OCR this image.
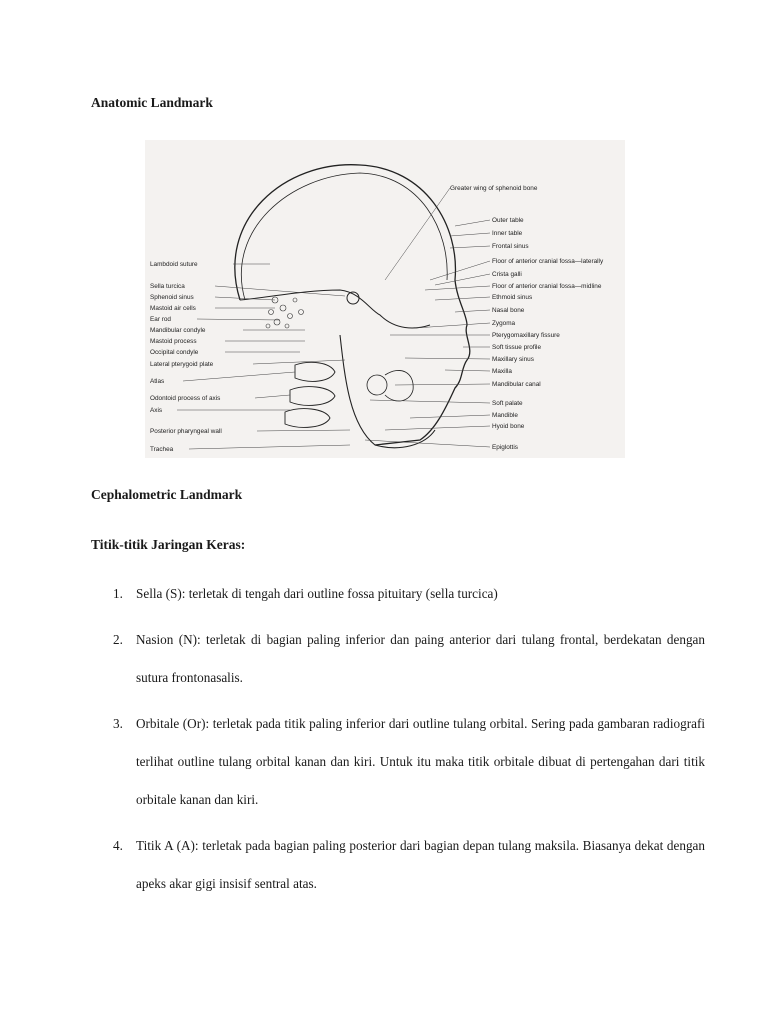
Anatomic Landmark
Lambdoid suture
Sella turcica
Sphenoid sinus
Mastoid air cells
Ear rod
Mandibular condyle
Mastoid process
Occipital condyle
Lateral pterygoid plate
Atlas
Odontoid process of axis
Axis
Posterior pharyngeal wall
Trachea
Greater wing of sphenoid bone
Outer table
Inner table
Frontal sinus
Floor of anterior cranial fossa—laterally
Crista galli
Floor of anterior cranial fossa—midline
Ethmoid sinus
Nasal bone
Zygoma
Pterygomaxillary fissure
Soft tissue profile
Maxillary sinus
Maxilla
Mandibular canal
Soft palate
Mandible
Hyoid bone
Epiglottis
Cephalometric Landmark
Titik-titik Jaringan Keras:
1. Sella (S): terletak di tengah dari outline fossa pituitary (sella turcica)
2. Nasion (N): terletak di bagian paling inferior dan paing anterior dari tulang frontal, berdekatan dengan sutura frontonasalis.
3. Orbitale (Or): terletak pada titik paling inferior dari outline tulang orbital. Sering pada gambaran radiografi terlihat outline tulang orbital kanan dan kiri. Untuk itu maka titik orbitale dibuat di pertengahan dari titik orbitale kanan dan kiri.
4. Titik A (A): terletak pada bagian paling posterior dari bagian depan tulang maksila. Biasanya dekat dengan apeks akar gigi insisif sentral atas.
